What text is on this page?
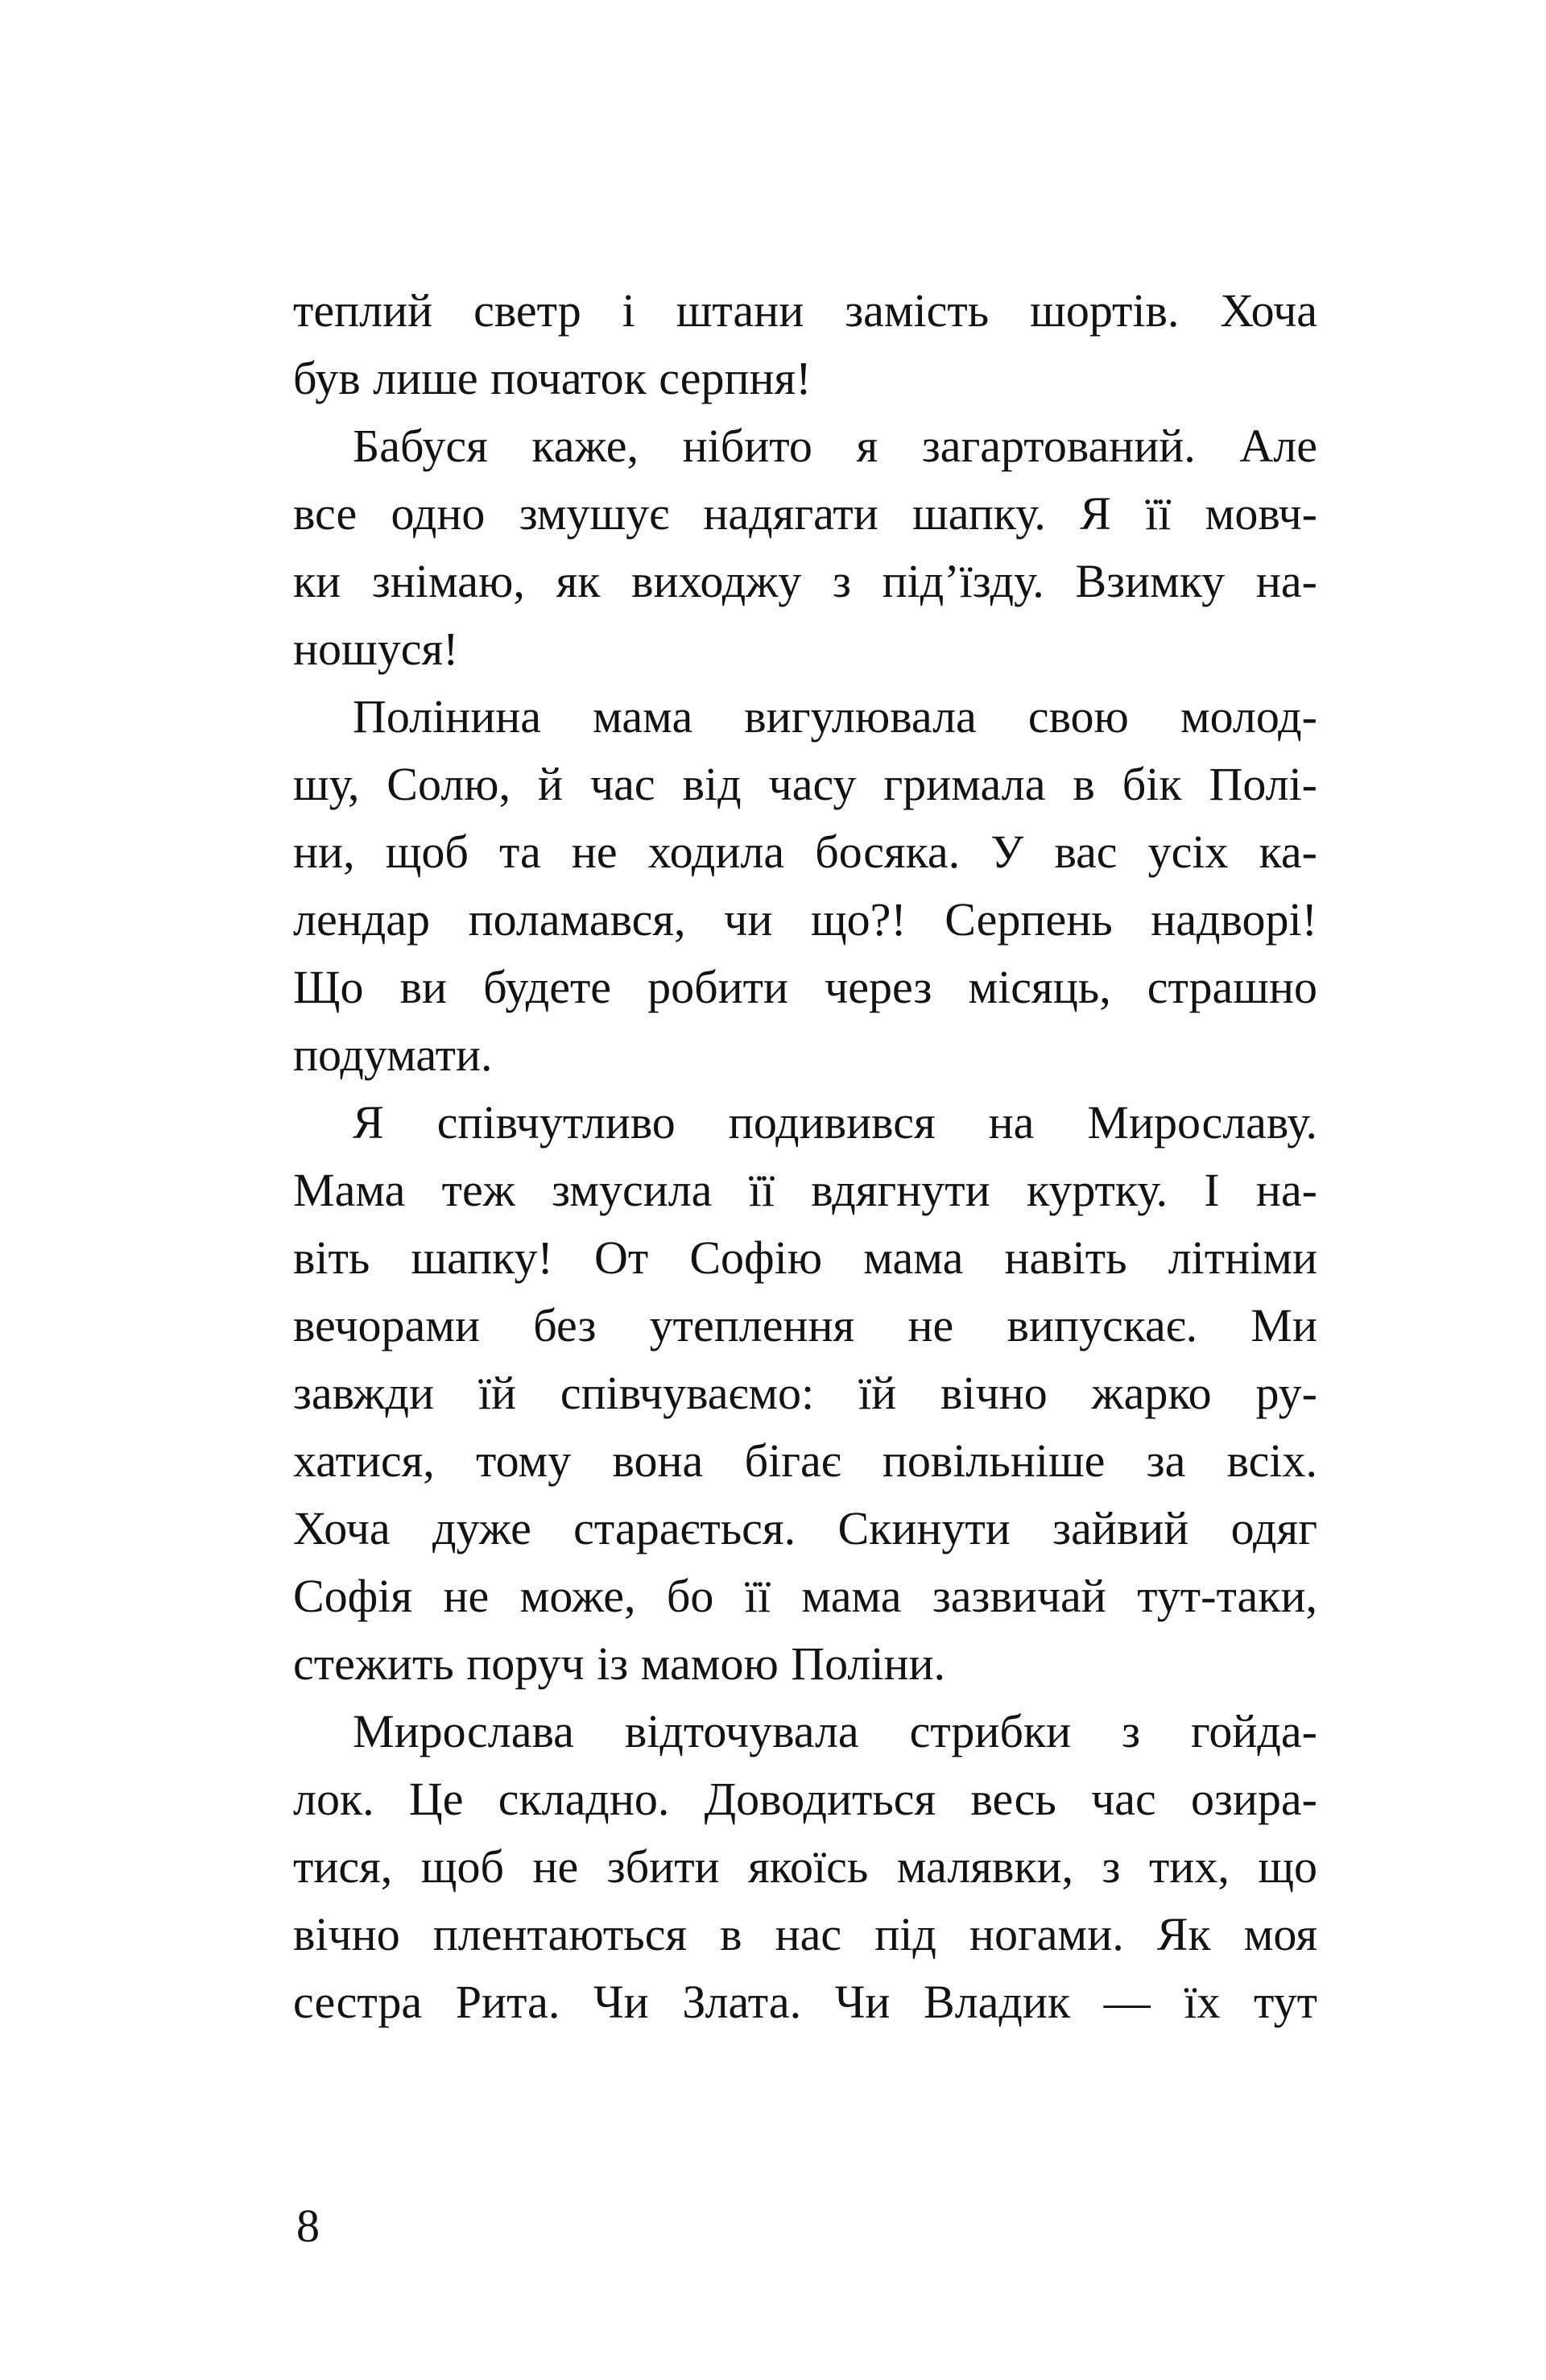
теплий светр і штани замість шортів. Хоча
був лише початок серпня!
Бабуся каже, нібито я загартований. Але
все одно змушує надягати шапку. Я її мовч-
ки знімаю, як виходжу з під’їзду. Взимку на-
ношуся!
Полінина мама вигулювала свою молод-
шу, Солю, й час від часу гримала в бік Полі-
ни, щоб та не ходила босяка. У вас усіх ка-
лендар поламався, чи що?! Серпень надворі!
Що ви будете робити через місяць, страшно
подумати.
Я співчутливо подивився на Мирославу.
Мама теж змусила її вдягнути куртку. І на-
віть шапку! От Софію мама навіть літніми
вечорами без утеплення не випускає. Ми
завжди їй співчуваємо: їй вічно жарко ру-
хатися, тому вона бігає повільніше за всіх.
Хоча дуже старається. Скинути зайвий одяг
Софія не може, бо її мама зазвичай тут-таки,
стежить поруч із мамою Поліни.
Мирослава відточувала стрибки з гойда-
лок. Це складно. Доводиться весь час озира-
тися, щоб не збити якоїсь малявки, з тих, що
вічно плентаються в нас під ногами. Як моя
сестра Рита. Чи Злата. Чи Владик — їх тут
8
